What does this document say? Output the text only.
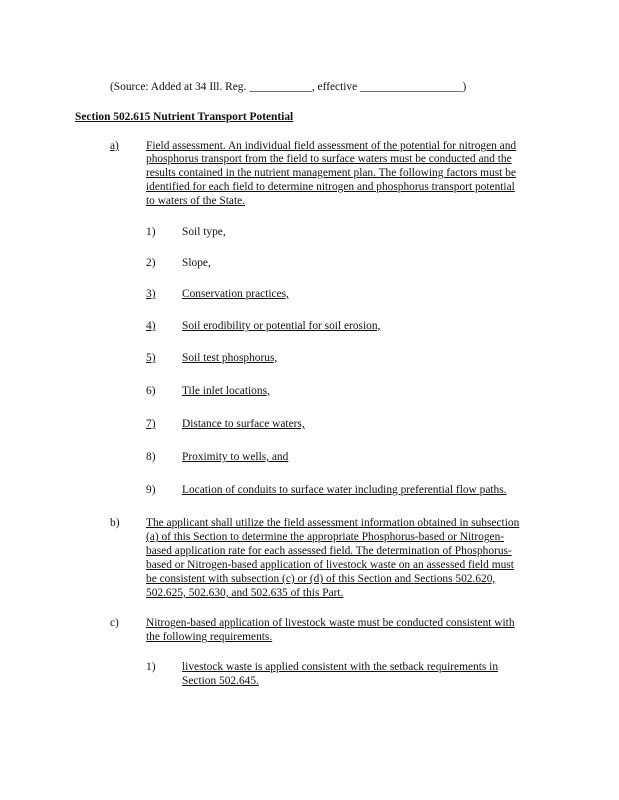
(Source: Added at 34 Ill. Reg. ___________, effective __________________)
Section 502.615 Nutrient Transport Potential
a) Field assessment. An individual field assessment of the potential for nitrogen and
phosphorus transport from the field to surface waters must be conducted and the
results contained in the nutrient management plan. The following factors must be
identified for each field to determine nitrogen and phosphorus transport potential
to waters of the State.
1) Soil type,
2) Slope,
3) Conservation practices,
4) Soil erodibility or potential for soil erosion,
5) Soil test phosphorus,
6) Tile inlet locations,
7) Distance to surface waters,
8) Proximity to wells, and
9) Location of conduits to surface water including preferential flow paths.
b) The applicant shall utilize the field assessment information obtained in subsection
(a) of this Section to determine the appropriate Phosphorus-based or Nitrogen-
based application rate for each assessed field. The determination of Phosphorus-
based or Nitrogen-based application of livestock waste on an assessed field must
be consistent with subsection (c) or (d) of this Section and Sections 502.620,
502.625, 502.630, and 502.635 of this Part.
c) Nitrogen-based application of livestock waste must be conducted consistent with
the following requirements.
1) livestock waste is applied consistent with the setback requirements in
Section 502.645.
